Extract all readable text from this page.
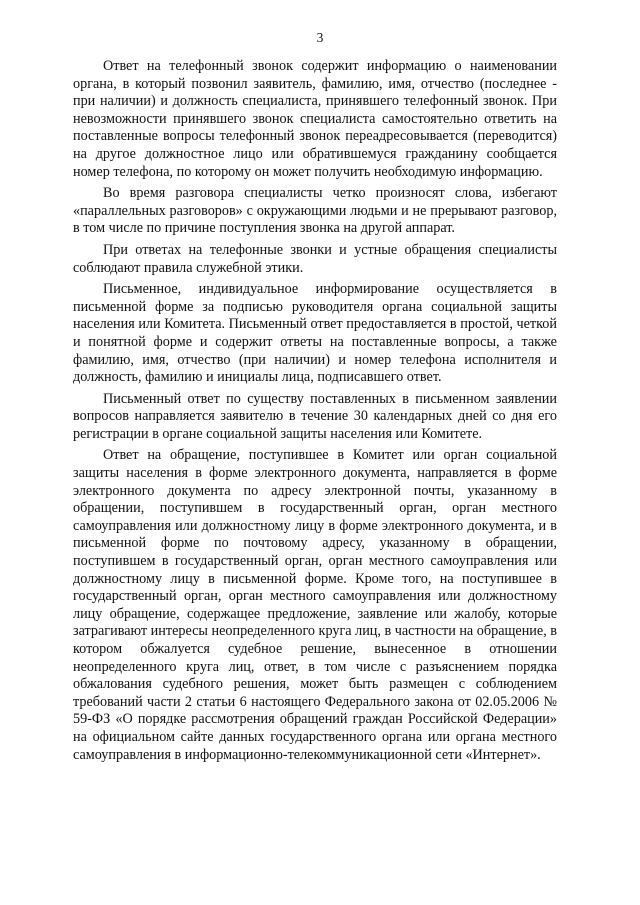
3

Ответ на телефонный звонок содержит информацию о наименовании органа, в который позвонил заявитель, фамилию, имя, отчество (последнее - при наличии) и должность специалиста, принявшего телефонный звонок. При невозможности принявшего звонок специалиста самостоятельно ответить на поставленные вопросы телефонный звонок переадресовывается (переводится) на другое должностное лицо или обратившемуся гражданину сообщается номер телефона, по которому он может получить необходимую информацию.

Во время разговора специалисты четко произносят слова, избегают «параллельных разговоров» с окружающими людьми и не прерывают разговор, в том числе по причине поступления звонка на другой аппарат.

При ответах на телефонные звонки и устные обращения специалисты соблюдают правила служебной этики.

Письменное, индивидуальное информирование осуществляется в письменной форме за подписью руководителя органа социальной защиты населения или Комитета. Письменный ответ предоставляется в простой, четкой и понятной форме и содержит ответы на поставленные вопросы, а также фамилию, имя, отчество (при наличии) и номер телефона исполнителя и должность, фамилию и инициалы лица, подписавшего ответ.

Письменный ответ по существу поставленных в письменном заявлении вопросов направляется заявителю в течение 30 календарных дней со дня его регистрации в органе социальной защиты населения или Комитете.

Ответ на обращение, поступившее в Комитет или орган социальной защиты населения в форме электронного документа, направляется в форме электронного документа по адресу электронной почты, указанному в обращении, поступившем в государственный орган, орган местного самоуправления или должностному лицу в форме электронного документа, и в письменной форме по почтовому адресу, указанному в обращении, поступившем в государственный орган, орган местного самоуправления или должностному лицу в письменной форме. Кроме того, на поступившее в государственный орган, орган местного самоуправления или должностному лицу обращение, содержащее предложение, заявление или жалобу, которые затрагивают интересы неопределенного круга лиц, в частности на обращение, в котором обжалуется судебное решение, вынесенное в отношении неопределенного круга лиц, ответ, в том числе с разъяснением порядка обжалования судебного решения, может быть размещен с соблюдением требований части 2 статьи 6 настоящего Федерального закона от 02.05.2006 № 59-ФЗ «О порядке рассмотрения обращений граждан Российской Федерации» на официальном сайте данных государственного органа или органа местного самоуправления в информационно-телекоммуникационной сети «Интернет».
